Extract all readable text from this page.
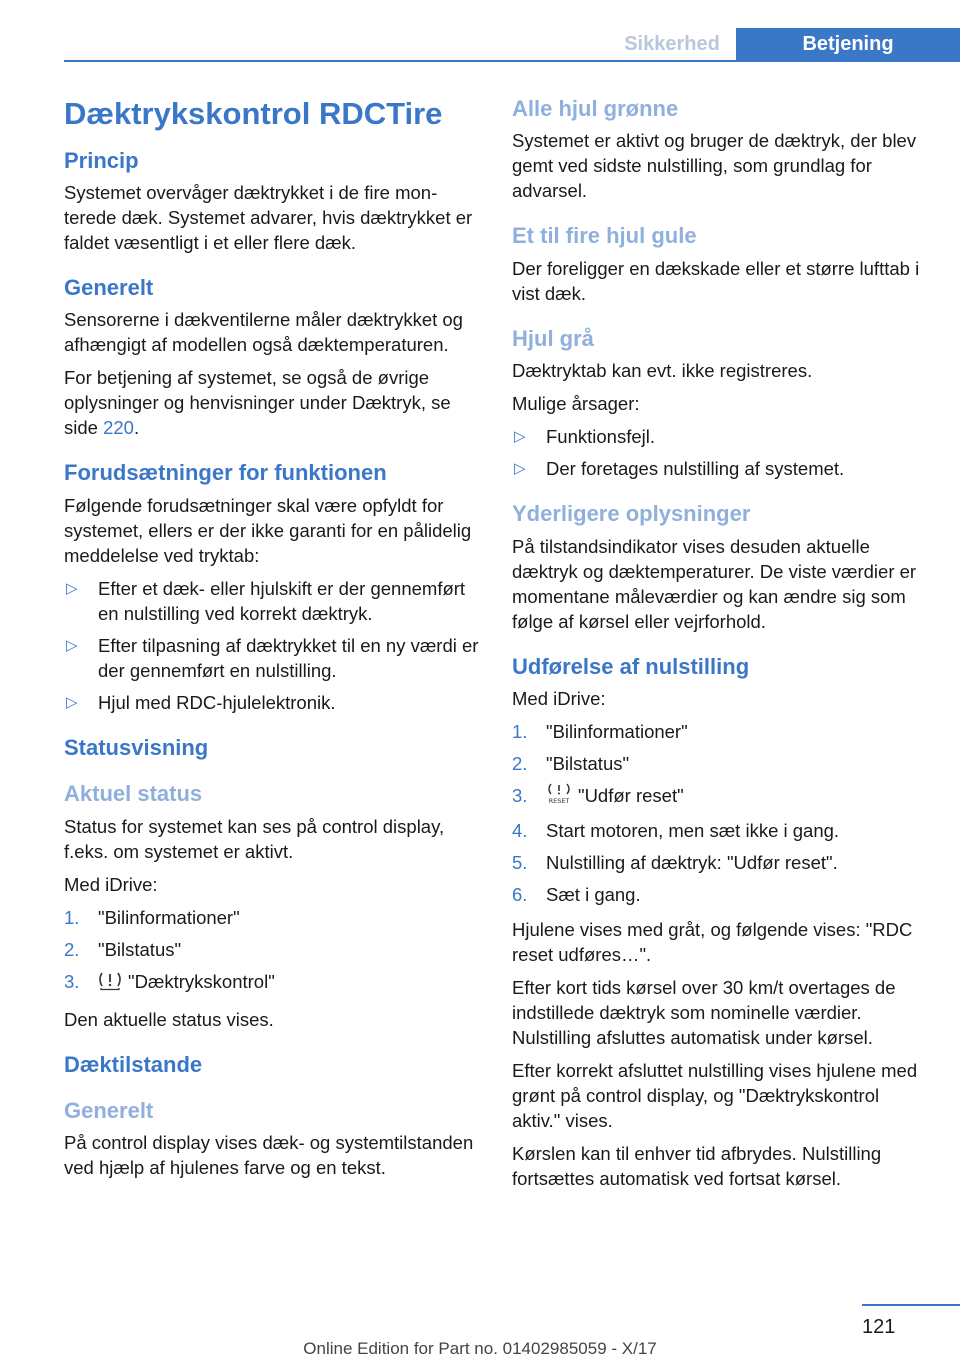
Sikkerhed	Betjening
Dæktrykskontrol RDCTire
Princip

Systemet overvåger dæktrykket i de fire monterede dæk. Systemet advarer, hvis dæktrykket er faldet væsentligt i et eller flere dæk.

Generelt

Sensorerne i dækventilerne måler dæktrykket og afhængigt af modellen også dæktemperaturen.

For betjening af systemet, se også de øvrige oplysninger og henvisninger under Dæktryk, se side 220.

Forudsætninger for funktionen

Følgende forudsætninger skal være opfyldt for systemet, ellers er der ikke garanti for en pålidelig meddelelse ved tryktab:

▷ Efter et dæk- eller hjulskift er der gennemført en nulstilling ved korrekt dæktryk.
▷ Efter tilpasning af dæktrykket til en ny værdi er der gennemført en nulstilling.
▷ Hjul med RDC-hjulelektronik.
Statusvisning
Aktuel status

Status for systemet kan ses på control display, f.eks. om systemet er aktivt.

Med iDrive:

1. "Bilinformationer"
2. "Bilstatus"
3.	"Dæktrykskontrol"

Den aktuelle status vises.

Dæktilstande
Generelt

På control display vises dæk- og systemtilstanden ved hjælp af hjulenes farve og en tekst.

Alle hjul grønne

Systemet er aktivt og bruger de dæktryk, der blev gemt ved sidste nulstilling, som grundlag for advarsel.

Et til fire hjul gule

Der foreligger en dækskade eller et større lufttab i vist dæk.

Hjul grå

Dæktryktab kan evt. ikke registreres.

Mulige årsager:

▷ Funktionsfejl.
▷ Der foretages nulstilling af systemet.
Yderligere oplysninger

På tilstandsindikator vises desuden aktuelle dæktryk og dæktemperaturer. De viste værdier er momentane måleværdier og kan ændre sig som følge af kørsel eller vejrforhold.

Udførelse af nulstilling

Med iDrive:

1. "Bilinformationer"
2. "Bilstatus"
3.	RESET "Udfør reset"
4. Start motoren, men sæt ikke i gang.
5. Nulstilling af dæktryk: "Udfør reset".
6. Sæt i gang.

Hjulene vises med gråt, og følgende vises: "RDC reset udføres…".

Efter kort tids kørsel over 30 km/t overtages de indstillede dæktryk som nominelle værdier. Nulstilling afsluttes automatisk under kørsel.

Efter korrekt afsluttet nulstilling vises hjulene med grønt på control display, og "Dæktrykskontrol aktiv." vises.

Kørslen kan til enhver tid afbrydes. Nulstilling fortsættes automatisk ved fortsat kørsel.

121
Online Edition for Part no. 01402985059 - X/17
